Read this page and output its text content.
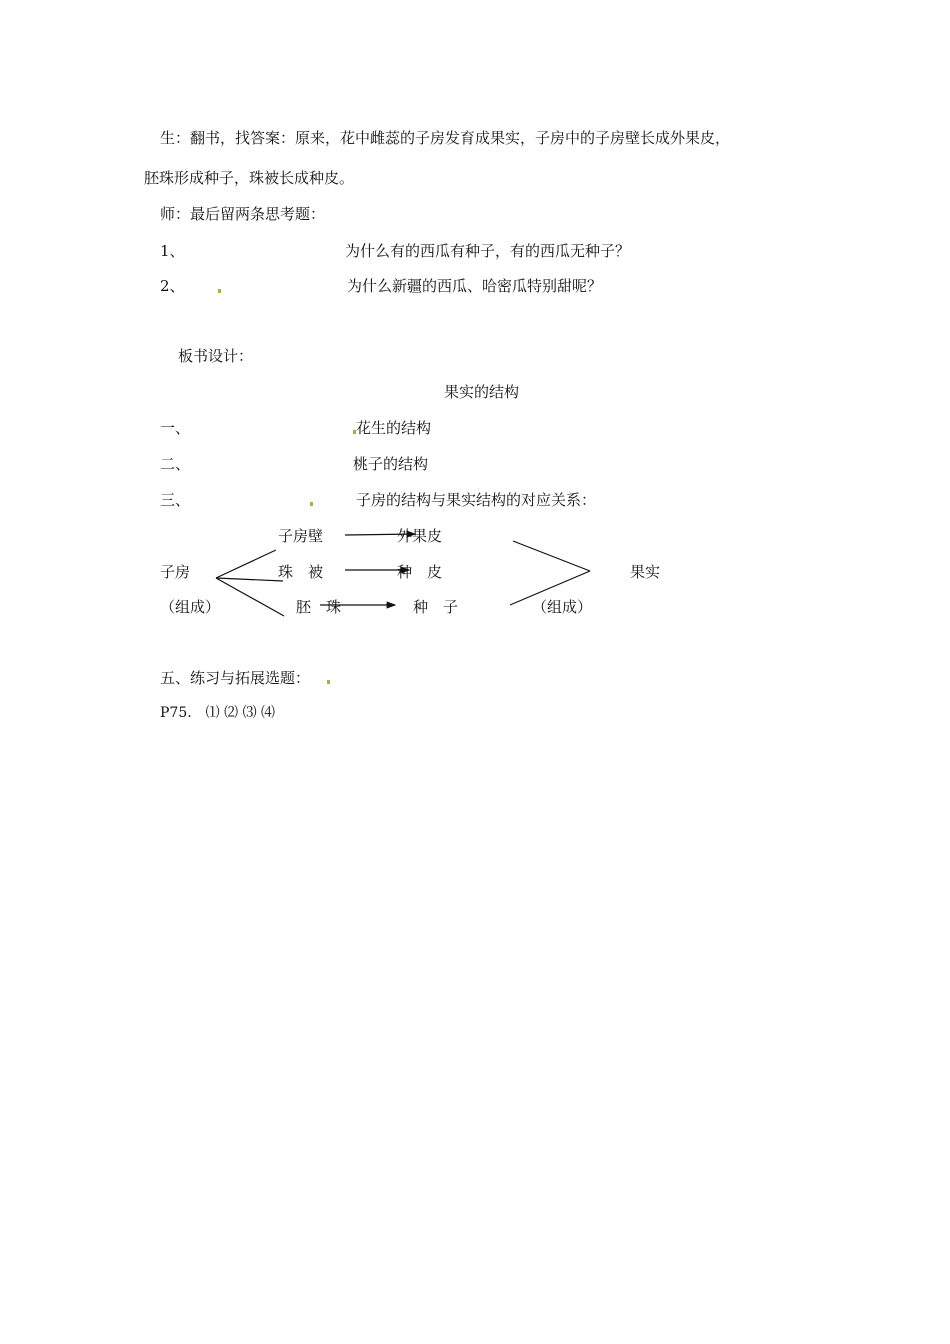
生：翻书，找答案：原来，花中雌蕊的子房发育成果实，子房中的子房壁长成外果皮，
胚珠形成种子，珠被长成种皮。
师：最后留两条思考题：
1、	为什么有的西瓜有种子，有的西瓜无种子？
2、	为什么新疆的西瓜、哈密瓜特别甜呢？
板书设计：
果实的结构
一、	花生的结构
二、	桃子的结构
三、	子房的结构与果实结构的对应关系：
子房
（组成）
子房壁
珠　被
胚　珠
外果皮
种　皮
种　子	（组成）
果实
五、练习与拓展选题：
P75.　⑴ ⑵ ⑶ ⑷
